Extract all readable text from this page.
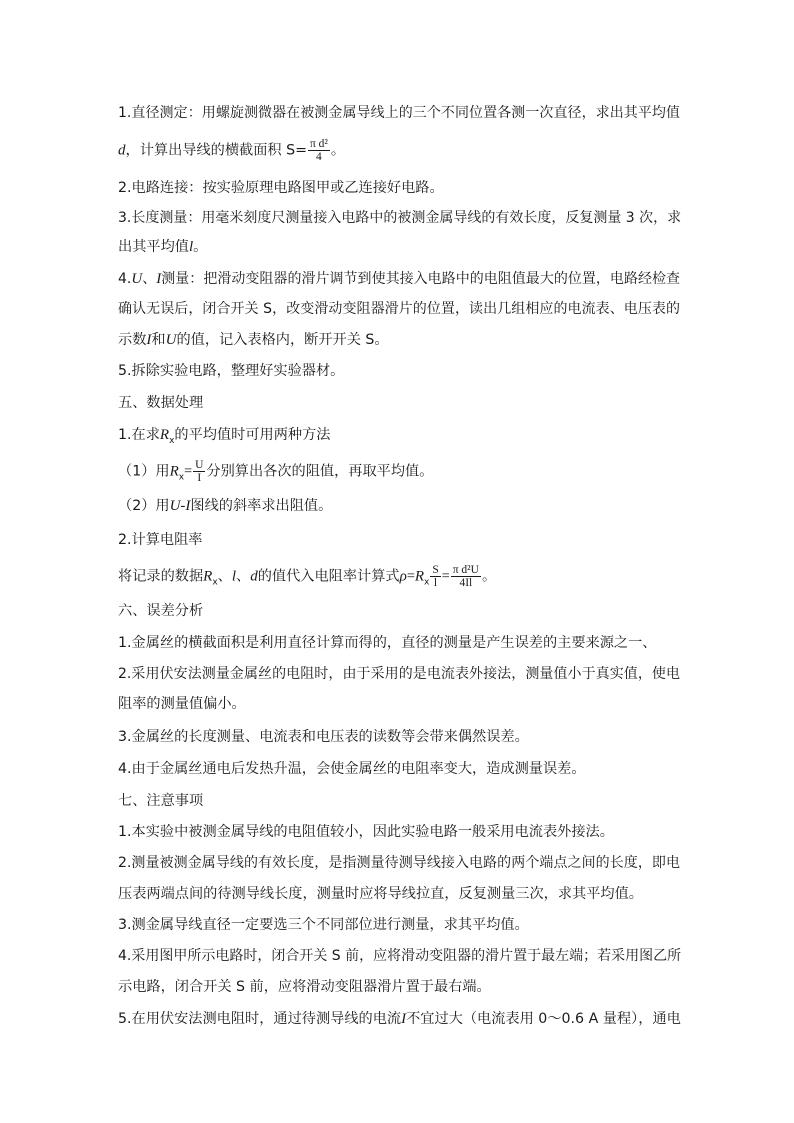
1.直径测定：用螺旋测微器在被测金属导线上的三个不同位置各测一次直径，求出其平均值
d，计算出导线的横截面积 $S= \frac{\text{π d²}}{4}$ 。
2.电路连接：按实验原理电路图甲或乙连接好电路。
3.长度测量：用毫米刻度尺测量接入电路中的被测金属导线的有效长度，反复测量 3 次，求
出其平均值l。
4.U、I测量：把滑动变阻器的滑片调节到使其接入电路中的电阻值最大的位置，电路经检查
确认无误后，闭合开关 S，改变滑动变阻器滑片的位置，读出几组相应的电流表、电压表的
示数I和U的值，记入表格内，断开开关 S。
5.拆除实验电路，整理好实验器材。
五、数据处理
1.在求$R_x$的平均值时可用两种方法
（1）用$R_x= \frac{U}{I}$ 分别算出各次的阻值，再取平均值。
（2）用U-I图线的斜率求出阻值。
2.计算电阻率
将记录的数据$R_x$、l、d的值代入电阻率计算式$\rho=R_x \frac{S}{l} = \frac{\text{π d²U}}{4Il}$ 。
六、误差分析
1.金属丝的横截面积是利用直径计算而得的，直径的测量是产生误差的主要来源之一、
2.采用伏安法测量金属丝的电阻时，由于采用的是电流表外接法，测量值小于真实值，使电
阻率的测量值偏小。
3.金属丝的长度测量、电流表和电压表的读数等会带来偶然误差。
4.由于金属丝通电后发热升温，会使金属丝的电阻率变大，造成测量误差。
七、注意事项
1.本实验中被测金属导线的电阻值较小，因此实验电路一般采用电流表外接法。
2.测量被测金属导线的有效长度，是指测量待测导线接入电路的两个端点之间的长度，即电
压表两端点间的待测导线长度，测量时应将导线拉直，反复测量三次，求其平均值。
3.测金属导线直径一定要选三个不同部位进行测量，求其平均值。
4.采用图甲所示电路时，闭合开关 S 前，应将滑动变阻器的滑片置于最左端；若采用图乙所
示电路，闭合开关 S 前，应将滑动变阻器滑片置于最右端。
5.在用伏安法测电阻时，通过待测导线的电流I不宜过大（电流表用 0～0.6 A 量程），通电
